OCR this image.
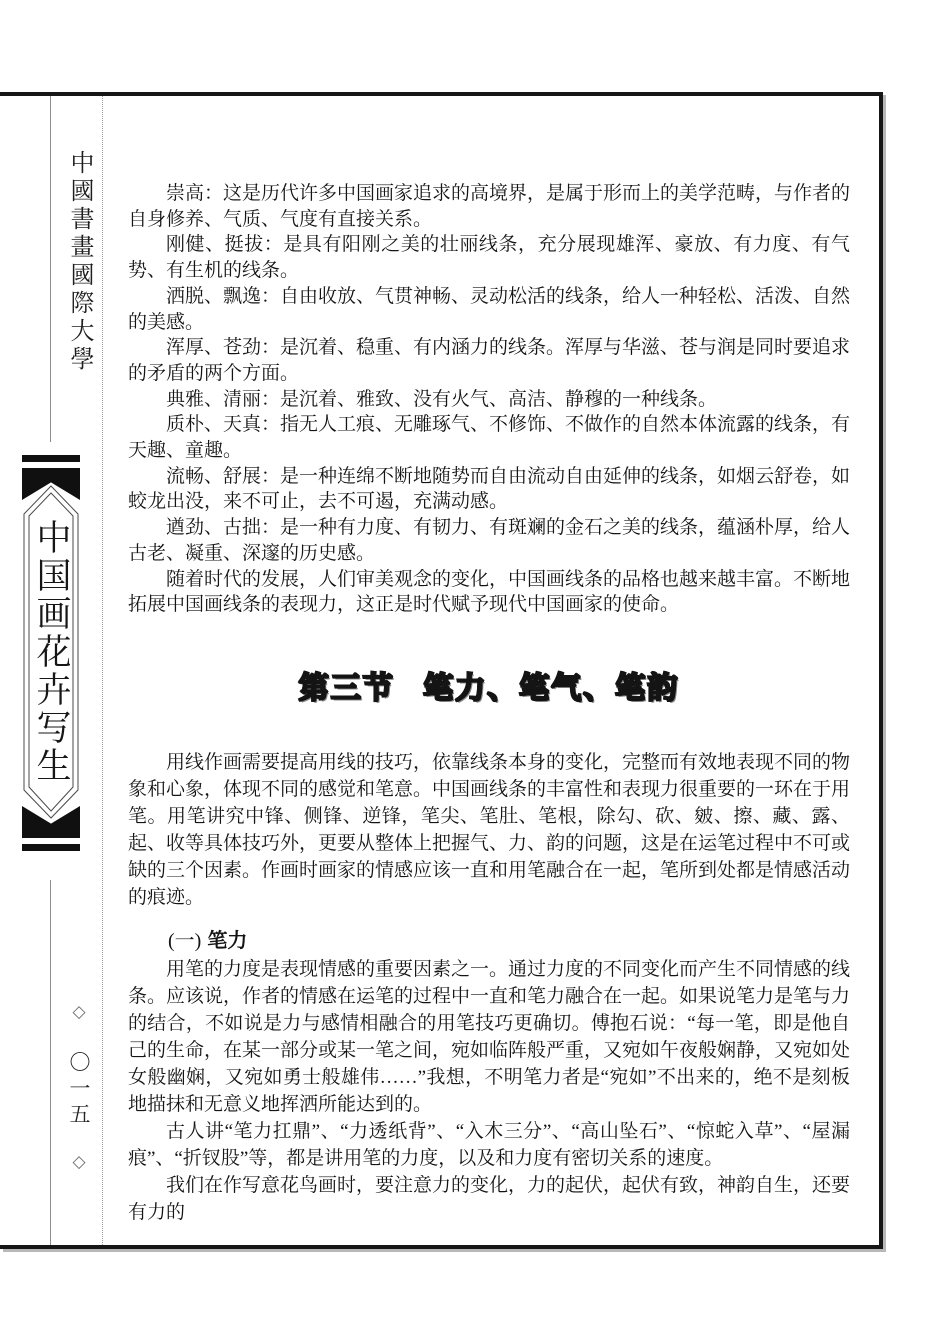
中國書畫國際大學
中国画花卉写生
◇ 〇一五 ◇

崇高：这是历代许多中国画家追求的高境界，是属于形而上的美学范畴，与作者的自身修养、气质、气度有直接关系。

刚健、挺拔：是具有阳刚之美的壮丽线条，充分展现雄浑、豪放、有力度、有气势、有生机的线条。

洒脱、飘逸：自由收放、气贯神畅、灵动松活的线条，给人一种轻松、活泼、自然的美感。

浑厚、苍劲：是沉着、稳重、有内涵力的线条。浑厚与华滋、苍与润是同时要追求的矛盾的两个方面。

典雅、清丽：是沉着、雅致、没有火气、高洁、静穆的一种线条。

质朴、天真：指无人工痕、无雕琢气、不修饰、不做作的自然本体流露的线条，有天趣、童趣。

流畅、舒展：是一种连绵不断地随势而自由流动自由延伸的线条，如烟云舒卷，如蛟龙出没，来不可止，去不可遏，充满动感。

遒劲、古拙：是一种有力度、有韧力、有斑斓的金石之美的线条，蕴涵朴厚，给人古老、凝重、深邃的历史感。

随着时代的发展，人们审美观念的变化，中国画线条的品格也越来越丰富。不断地拓展中国画线条的表现力，这正是时代赋予现代中国画家的使命。

第三节 笔力、笔气、笔韵

用线作画需要提高用线的技巧，依靠线条本身的变化，完整而有效地表现不同的物象和心象，体现不同的感觉和笔意。中国画线条的丰富性和表现力很重要的一环在于用笔。用笔讲究中锋、侧锋、逆锋，笔尖、笔肚、笔根，除勾、砍、皴、擦、藏、露、起、收等具体技巧外，更要从整体上把握气、力、韵的问题，这是在运笔过程中不可或缺的三个因素。作画时画家的情感应该一直和用笔融合在一起，笔所到处都是情感活动的痕迹。

(一) 笔力

用笔的力度是表现情感的重要因素之一。通过力度的不同变化而产生不同情感的线条。应该说，作者的情感在运笔的过程中一直和笔力融合在一起。如果说笔力是笔与力的结合，不如说是力与感情相融合的用笔技巧更确切。傅抱石说：“每一笔，即是他自己的生命，在某一部分或某一笔之间，宛如临阵般严重，又宛如午夜般娴静，又宛如处女般幽娴，又宛如勇士般雄伟……”我想，不明笔力者是“宛如”不出来的，绝不是刻板地描抹和无意义地挥洒所能达到的。

古人讲“笔力扛鼎”、“力透纸背”、“入木三分”、“高山坠石”、“惊蛇入草”、“屋漏痕”、“折钗股”等，都是讲用笔的力度，以及和力度有密切关系的速度。

我们在作写意花鸟画时，要注意力的变化，力的起伏，起伏有致，神韵自生，还要有力的
